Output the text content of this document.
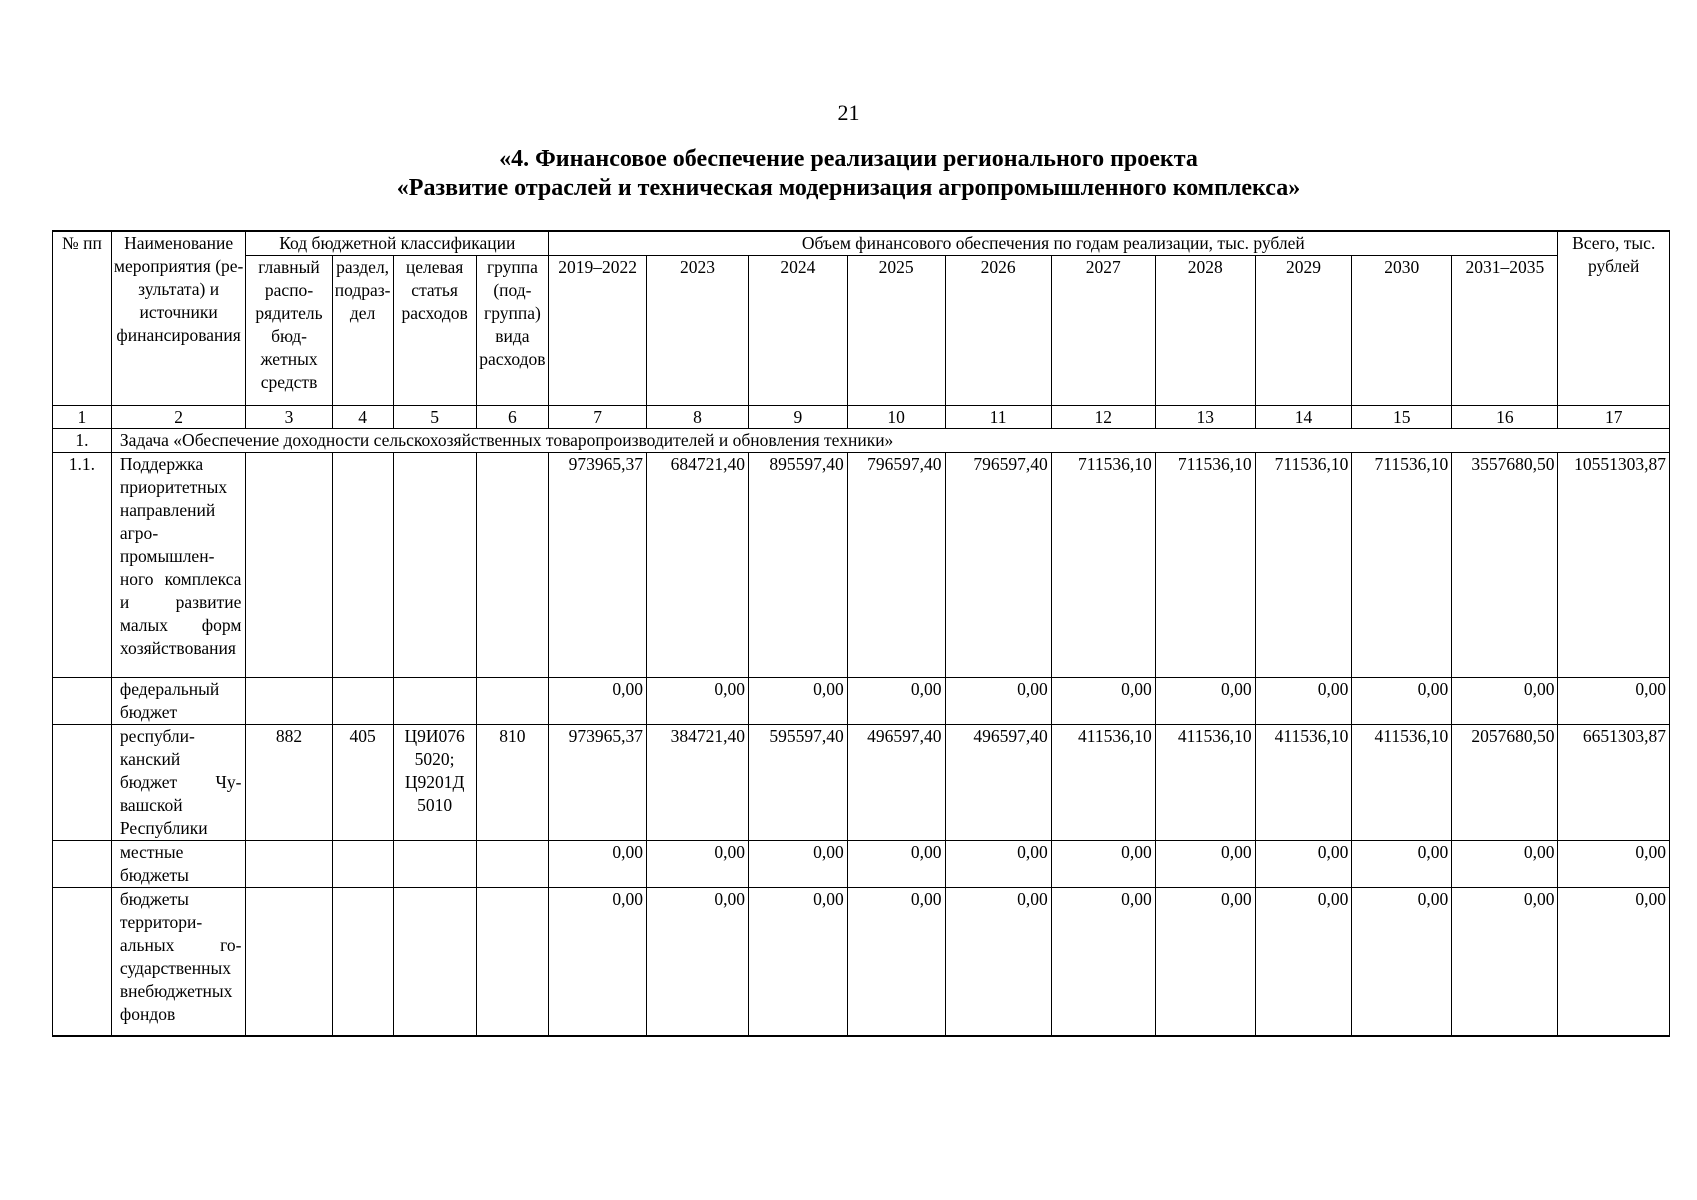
21
«4. Финансовое обеспечение реализации регионального проекта
«Развитие отраслей и техническая модернизация агропромышленного комплекса»
№ пп	Наименование мероприятия (результата) и источники финансирования	Код бюджетной классификации				Объем финансового обеспечения по годам реализации, тыс. рублей										Всего, тыс. рублей
		главный распорядитель бюджетных средств	раздел, подраздел	целевая статья расходов	группа (подгруппа) вида расходов	2019–2022	2023	2024	2025	2026	2027	2028	2029	2030	2031–2035	
1	2	3	4	5	6	7	8	9	10	11	12	13	14	15	16	17
1.	Задача «Обеспечение доходности сельскохозяйственных товаропроизводителей и обновления техники»															
1.1.	Поддержка приоритетных направлений агропромышленного комплекса и развитие малых форм хозяйствования					973965,37	684721,40	895597,40	796597,40	796597,40	711536,10	711536,10	711536,10	711536,10	3557680,50	10551303,87
	федеральный бюджет					0,00	0,00	0,00	0,00	0,00	0,00	0,00	0,00	0,00	0,00	0,00
	республиканский бюджет Чувашской Республики	882	405	Ц9И076 5020; Ц9201Д 5010	810	973965,37	384721,40	595597,40	496597,40	496597,40	411536,10	411536,10	411536,10	411536,10	2057680,50	6651303,87
	местные бюджеты					0,00	0,00	0,00	0,00	0,00	0,00	0,00	0,00	0,00	0,00	0,00
	бюджеты территориальных государственных внебюджетных фондов					0,00	0,00	0,00	0,00	0,00	0,00	0,00	0,00	0,00	0,00	0,00
